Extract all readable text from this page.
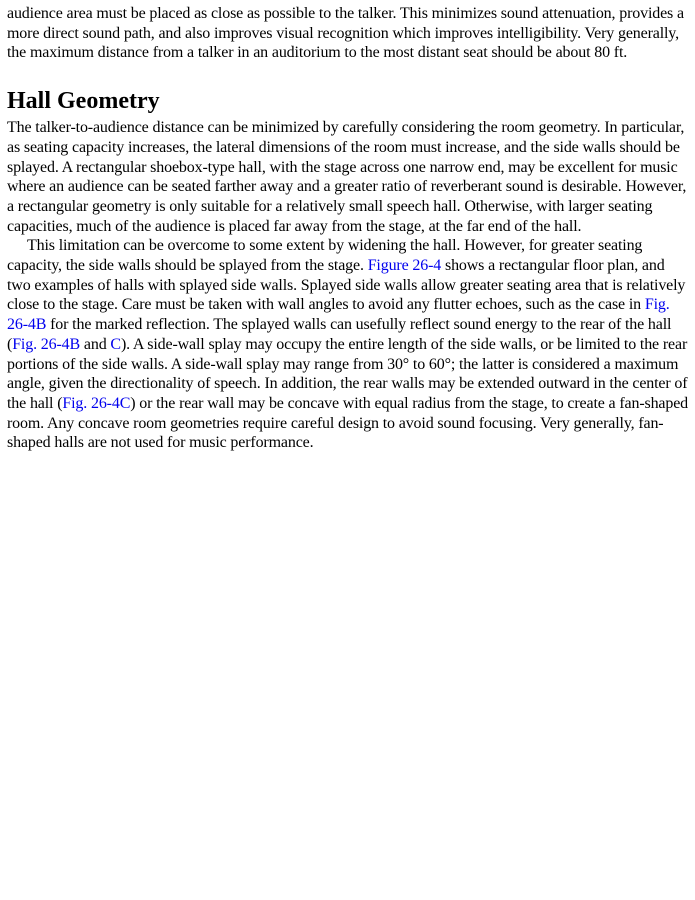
audience area must be placed as close as possible to the talker. This minimizes sound attenuation, provides a more direct sound path, and also improves visual recognition which improves intelligibility. Very generally, the maximum distance from a talker in an auditorium to the most distant seat should be about 80 ft.

Hall Geometry

The talker-to-audience distance can be minimized by carefully considering the room geometry. In particular, as seating capacity increases, the lateral dimensions of the room must increase, and the side walls should be splayed. A rectangular shoebox-type hall, with the stage across one narrow end, may be excellent for music where an audience can be seated farther away and a greater ratio of reverberant sound is desirable. However, a rectangular geometry is only suitable for a relatively small speech hall. Otherwise, with larger seating capacities, much of the audience is placed far away from the stage, at the far end of the hall.

This limitation can be overcome to some extent by widening the hall. However, for greater seating capacity, the side walls should be splayed from the stage. Figure 26-4 shows a rectangular floor plan, and two examples of halls with splayed side walls. Splayed side walls allow greater seating area that is relatively close to the stage. Care must be taken with wall angles to avoid any flutter echoes, such as the case in Fig. 26-4B for the marked reflection. The splayed walls can usefully reflect sound energy to the rear of the hall (Fig. 26-4B and C). A side-wall splay may occupy the entire length of the side walls, or be limited to the rear portions of the side walls. A side-wall splay may range from 30° to 60°; the latter is considered a maximum angle, given the directionality of speech. In addition, the rear walls may be extended outward in the center of the hall (Fig. 26-4C) or the rear wall may be concave with equal radius from the stage, to create a fan-shaped room. Any concave room geometries require careful design to avoid sound focusing. Very generally, fan-shaped halls are not used for music performance.
